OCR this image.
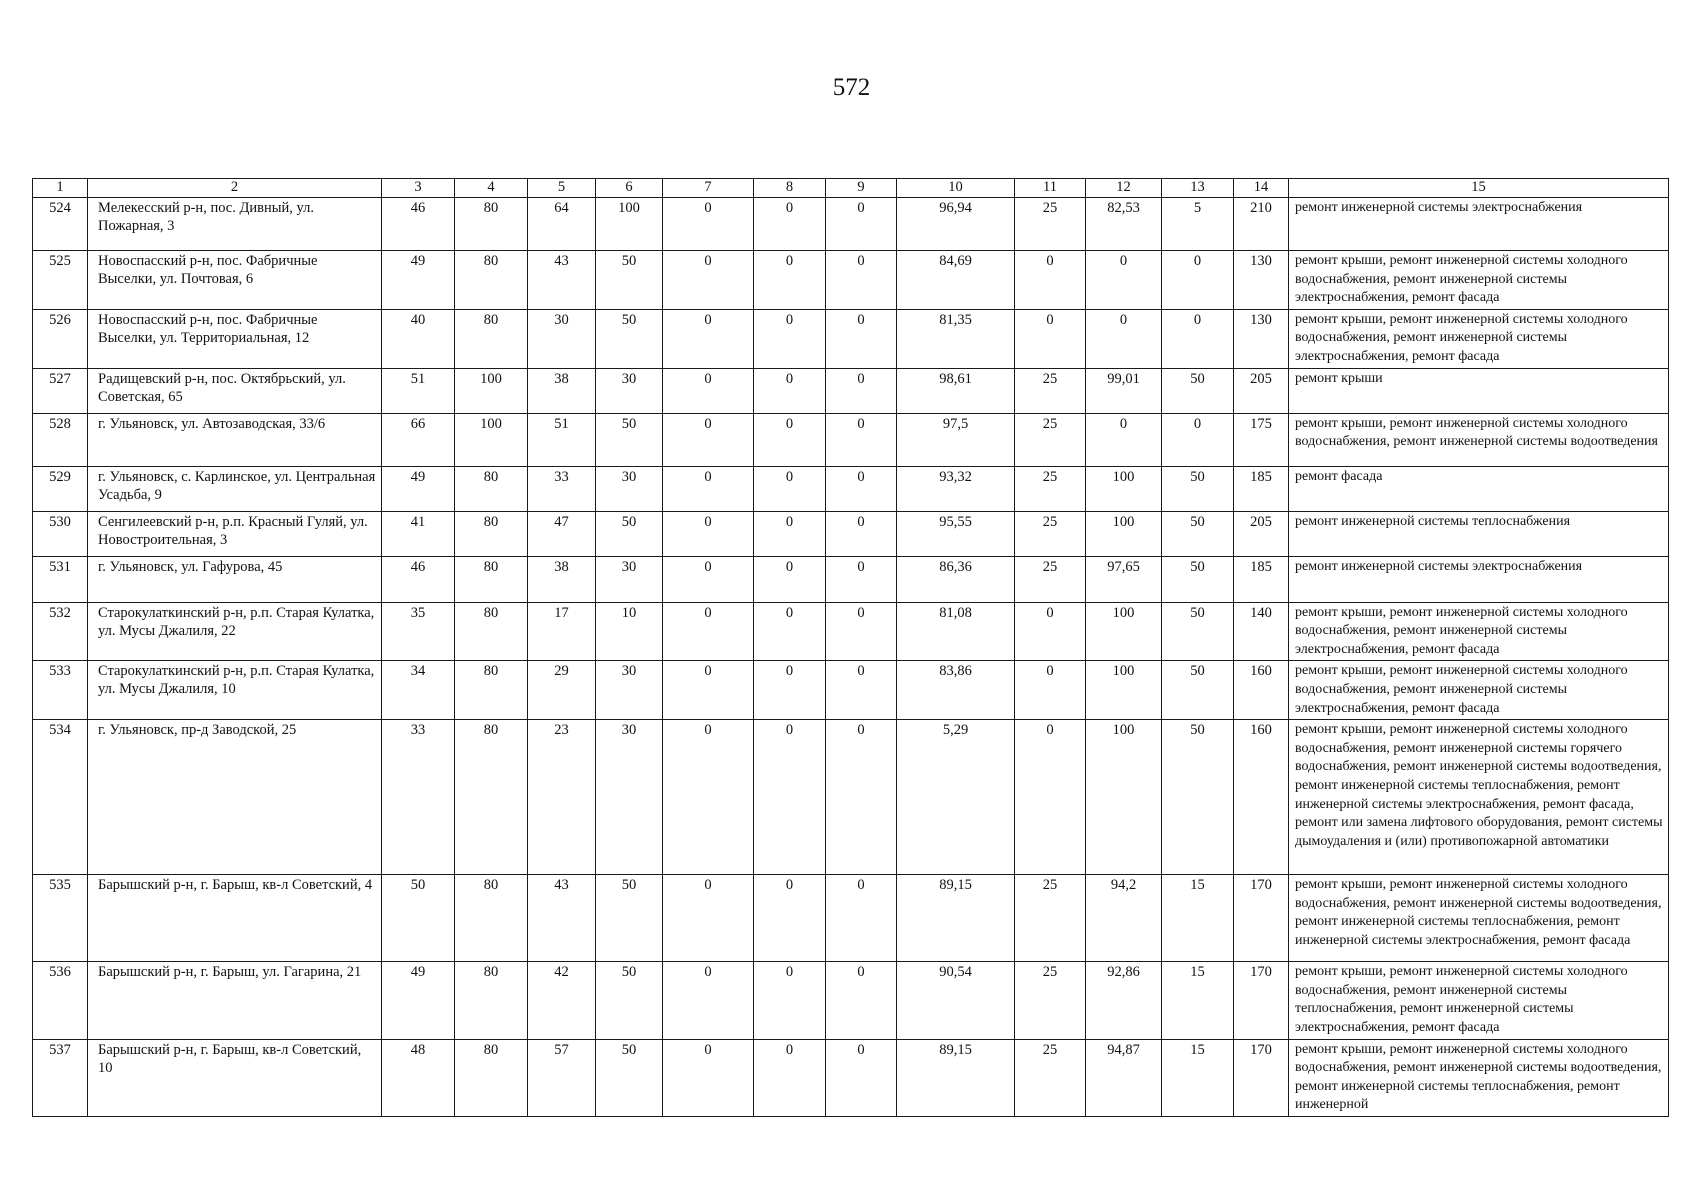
572
1	2	3	4	5	6	7	8	9	10	11	12	13	14	15
524	Мелекесский р-н, пос. Дивный, ул. Пожарная, 3	46	80	64	100	0	0	0	96,94	25	82,53	5	210	ремонт инженерной системы электроснабжения
525	Новоспасский р-н, пос. Фабричные Выселки, ул. Почтовая, 6	49	80	43	50	0	0	0	84,69	0	0	0	130	ремонт крыши, ремонт инженерной системы холодного водоснабжения, ремонт инженерной системы электроснабжения, ремонт фасада
526	Новоспасский р-н, пос. Фабричные Выселки, ул. Территориальная, 12	40	80	30	50	0	0	0	81,35	0	0	0	130	ремонт крыши, ремонт инженерной системы холодного водоснабжения, ремонт инженерной системы электроснабжения, ремонт фасада
527	Радищевский р-н, пос. Октябрьский, ул. Советская, 65	51	100	38	30	0	0	0	98,61	25	99,01	50	205	ремонт крыши
528	г. Ульяновск, ул. Автозаводская, 33/6	66	100	51	50	0	0	0	97,5	25	0	0	175	ремонт крыши, ремонт инженерной системы холодного водоснабжения, ремонт инженерной системы водоотведения
529	г. Ульяновск, с. Карлинское, ул. Центральная Усадьба, 9	49	80	33	30	0	0	0	93,32	25	100	50	185	ремонт фасада
530	Сенгилеевский р-н, р.п. Красный Гуляй, ул. Новостроительная, 3	41	80	47	50	0	0	0	95,55	25	100	50	205	ремонт инженерной системы теплоснабжения
531	г. Ульяновск, ул. Гафурова, 45	46	80	38	30	0	0	0	86,36	25	97,65	50	185	ремонт инженерной системы электроснабжения
532	Старокулаткинский р-н, р.п. Старая Кулатка, ул. Мусы Джалиля, 22	35	80	17	10	0	0	0	81,08	0	100	50	140	ремонт крыши, ремонт инженерной системы холодного водоснабжения, ремонт инженерной системы электроснабжения, ремонт фасада
533	Старокулаткинский р-н, р.п. Старая Кулатка, ул. Мусы Джалиля, 10	34	80	29	30	0	0	0	83,86	0	100	50	160	ремонт крыши, ремонт инженерной системы холодного водоснабжения, ремонт инженерной системы электроснабжения, ремонт фасада
534	г. Ульяновск, пр-д Заводской, 25	33	80	23	30	0	0	0	5,29	0	100	50	160	ремонт крыши, ремонт инженерной системы холодного водоснабжения, ремонт инженерной системы горячего водоснабжения, ремонт инженерной системы водоотведения, ремонт инженерной системы теплоснабжения, ремонт инженерной системы электроснабжения, ремонт фасада, ремонт или замена лифтового оборудования, ремонт системы дымоудаления и (или) противопожарной автоматики
535	Барышский р-н, г. Барыш, кв-л Советский, 4	50	80	43	50	0	0	0	89,15	25	94,2	15	170	ремонт крыши, ремонт инженерной системы холодного водоснабжения, ремонт инженерной системы водоотведения, ремонт инженерной системы теплоснабжения, ремонт инженерной системы электроснабжения, ремонт фасада
536	Барышский р-н, г. Барыш, ул. Гагарина, 21	49	80	42	50	0	0	0	90,54	25	92,86	15	170	ремонт крыши, ремонт инженерной системы холодного водоснабжения, ремонт инженерной системы теплоснабжения, ремонт инженерной системы электроснабжения, ремонт фасада
537	Барышский р-н, г. Барыш, кв-л Советский, 10	48	80	57	50	0	0	0	89,15	25	94,87	15	170	ремонт крыши, ремонт инженерной системы холодного водоснабжения, ремонт инженерной системы водоотведения, ремонт инженерной системы теплоснабжения, ремонт инженерной
